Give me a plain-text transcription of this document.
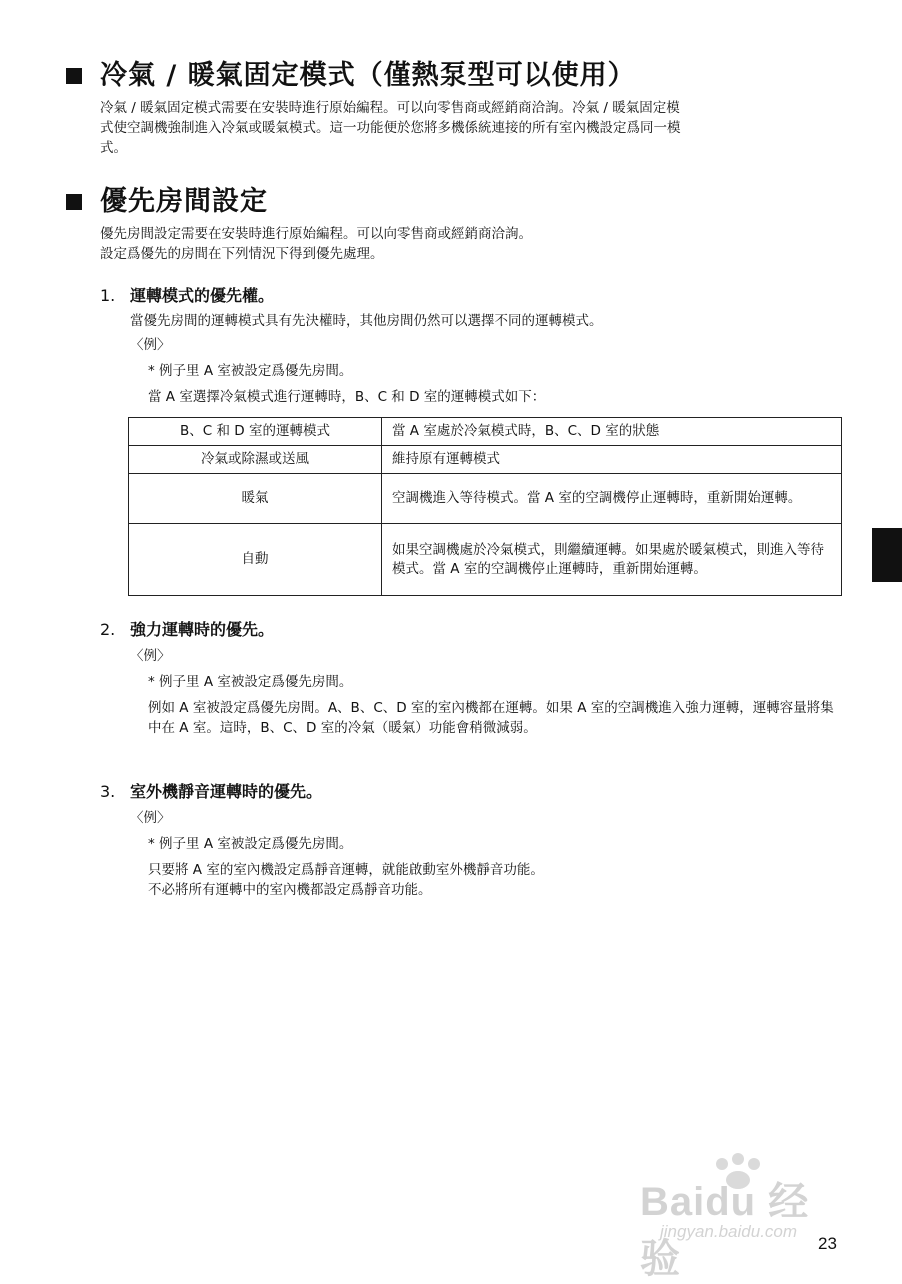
冷氣 / 暖氣固定模式（僅熱泵型可以使用）

冷氣 / 暖氣固定模式需要在安裝時進行原始編程。可以向零售商或經銷商洽詢。冷氣 / 暖氣固定模

式使空調機強制進入冷氣或暖氣模式。這一功能便於您將多機係統連接的所有室內機設定爲同一模

式。

優先房間設定

優先房間設定需要在安裝時進行原始編程。可以向零售商或經銷商洽詢。

設定爲優先的房間在下列情況下得到優先處理。

1. 運轉模式的優先權。

當優先房間的運轉模式具有先決權時，其他房間仍然可以選擇不同的運轉模式。

〈例〉

* 例子里 A 室被設定爲優先房間。

當 A 室選擇冷氣模式進行運轉時，B、C 和 D 室的運轉模式如下：

B、C 和 D 室的運轉模式	當 A 室處於冷氣模式時，B、C、D 室的狀態
冷氣或除濕或送風	維持原有運轉模式
暖氣	空調機進入等待模式。當 A 室的空調機停止運轉時，重新開始運轉。
自動	如果空調機處於冷氣模式，則繼續運轉。如果處於暖氣模式，則進入等待模式。當 A 室的空調機停止運轉時，重新開始運轉。
2. 強力運轉時的優先。

〈例〉

* 例子里 A 室被設定爲優先房間。

例如 A 室被設定爲優先房間。A、B、C、D 室的室內機都在運轉。如果 A 室的空調機進入強力運轉，運轉容量將集中在 A 室。這時，B、C、D 室的冷氣（暖氣）功能會稍微減弱。

3. 室外機靜音運轉時的優先。

〈例〉

* 例子里 A 室被設定爲優先房間。

只要將 A 室的室內機設定爲靜音運轉，就能啟動室外機靜音功能。

不必將所有運轉中的室內機都設定爲靜音功能。

Baidu 经验
jingyan.baidu.com
23
